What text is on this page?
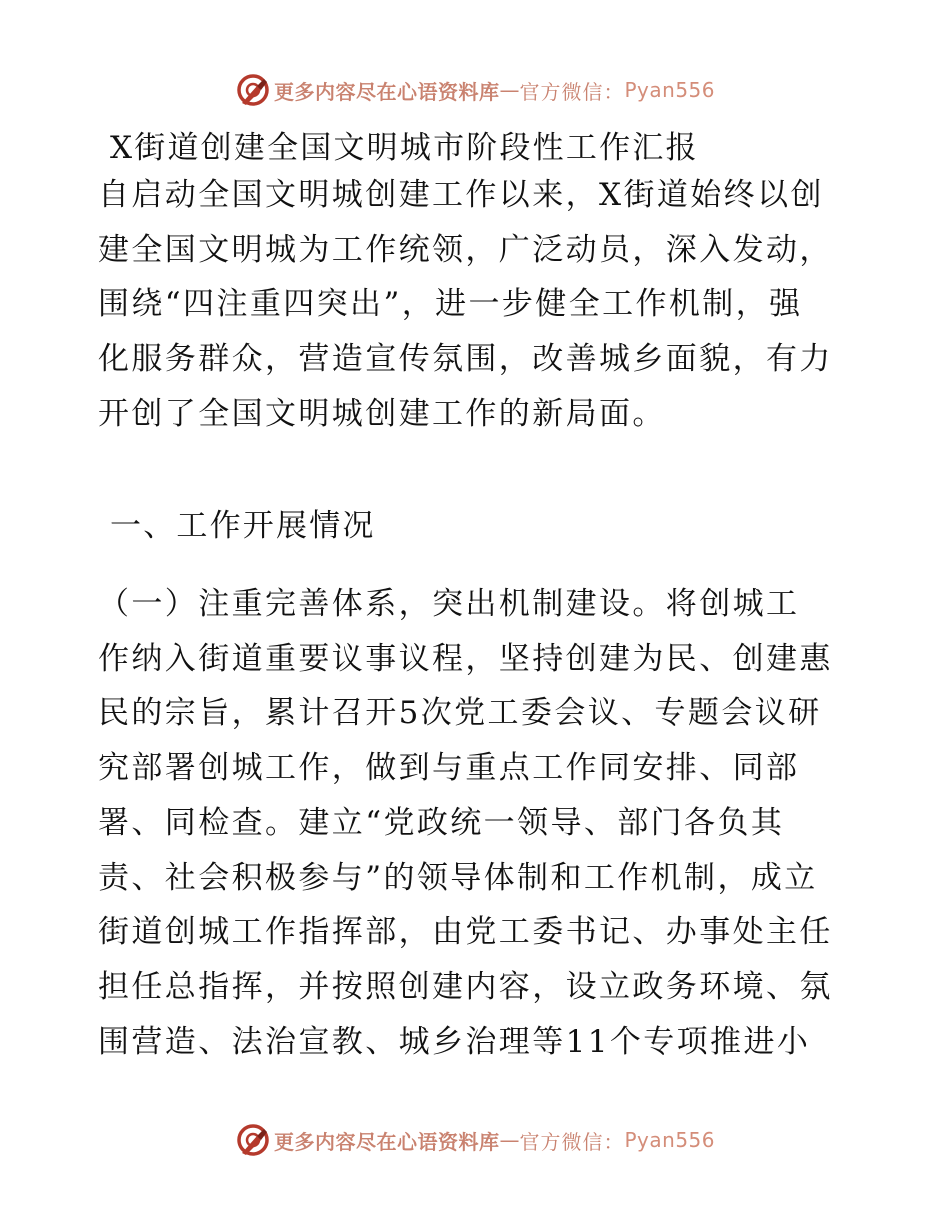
更多内容尽在心语资料库 — 官方微信： Pyan556
X街道创建全国文明城市阶段性工作汇报
自启动全国文明城创建工作以来，X街道始终以创
建全国文明城为工作统领，广泛动员，深入发动，
围绕“四注重四突出”，进一步健全工作机制，强
化服务群众，营造宣传氛围，改善城乡面貌，有力
开创了全国文明城创建工作的新局面。
一、工作开展情况
（一）注重完善体系，突出机制建设。将创城工
作纳入街道重要议事议程，坚持创建为民、创建惠
民的宗旨，累计召开5次党工委会议、专题会议研
究部署创城工作，做到与重点工作同安排、同部
署、同检查。建立“党政统一领导、部门各负其
责、社会积极参与”的领导体制和工作机制，成立
街道创城工作指挥部，由党工委书记、办事处主任
担任总指挥，并按照创建内容，设立政务环境、氛
围营造、法治宣教、城乡治理等11个专项推进小
更多内容尽在心语资料库 — 官方微信： Pyan556
